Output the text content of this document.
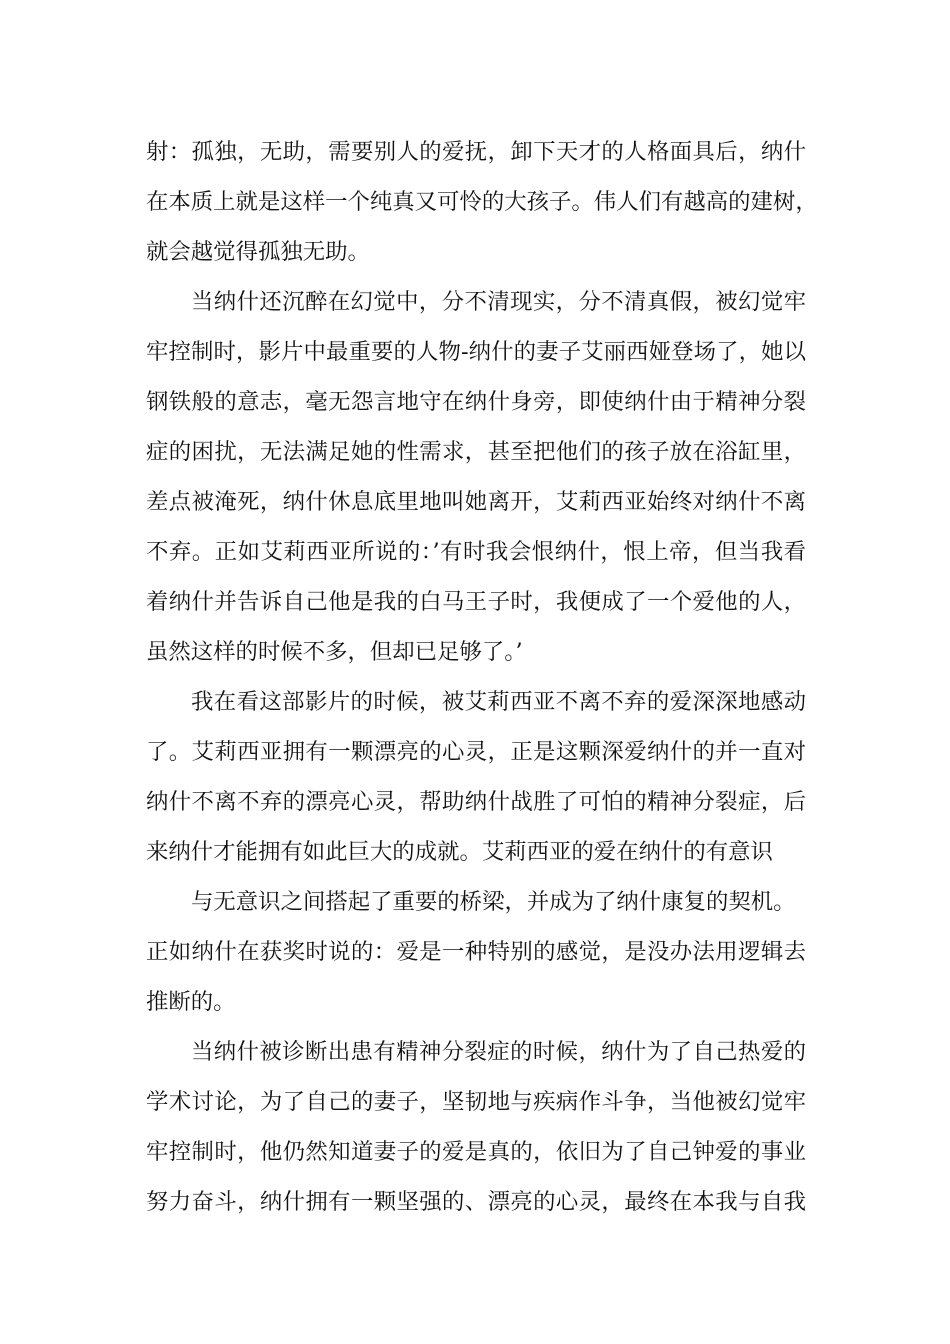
射：孤独，无助，需要别人的爱抚，卸下天才的人格面具后，纳什
在本质上就是这样一个纯真又可怜的大孩子。伟人们有越高的建树，
就会越觉得孤独无助。
当纳什还沉醉在幻觉中，分不清现实，分不清真假，被幻觉牢
牢控制时，影片中最重要的人物-纳什的妻子艾丽西娅登场了，她以
钢铁般的意志，毫无怨言地守在纳什身旁，即使纳什由于精神分裂
症的困扰，无法满足她的性需求，甚至把他们的孩子放在浴缸里，
差点被淹死，纳什休息底里地叫她离开，艾莉西亚始终对纳什不离
不弃。正如艾莉西亚所说的：’有时我会恨纳什，恨上帝，但当我看
着纳什并告诉自己他是我的白马王子时，我便成了一个爱他的人，
虽然这样的时候不多，但却已足够了。’
我在看这部影片的时候，被艾莉西亚不离不弃的爱深深地感动
了。艾莉西亚拥有一颗漂亮的心灵，正是这颗深爱纳什的并一直对
纳什不离不弃的漂亮心灵，帮助纳什战胜了可怕的精神分裂症，后
来纳什才能拥有如此巨大的成就。艾莉西亚的爱在纳什的有意识
与无意识之间搭起了重要的桥梁，并成为了纳什康复的契机。
正如纳什在获奖时说的：爱是一种特别的感觉，是没办法用逻辑去
推断的。
当纳什被诊断出患有精神分裂症的时候，纳什为了自己热爱的
学术讨论，为了自己的妻子，坚韧地与疾病作斗争，当他被幻觉牢
牢控制时，他仍然知道妻子的爱是真的，依旧为了自己钟爱的事业
努力奋斗，纳什拥有一颗坚强的、漂亮的心灵，最终在本我与自我
